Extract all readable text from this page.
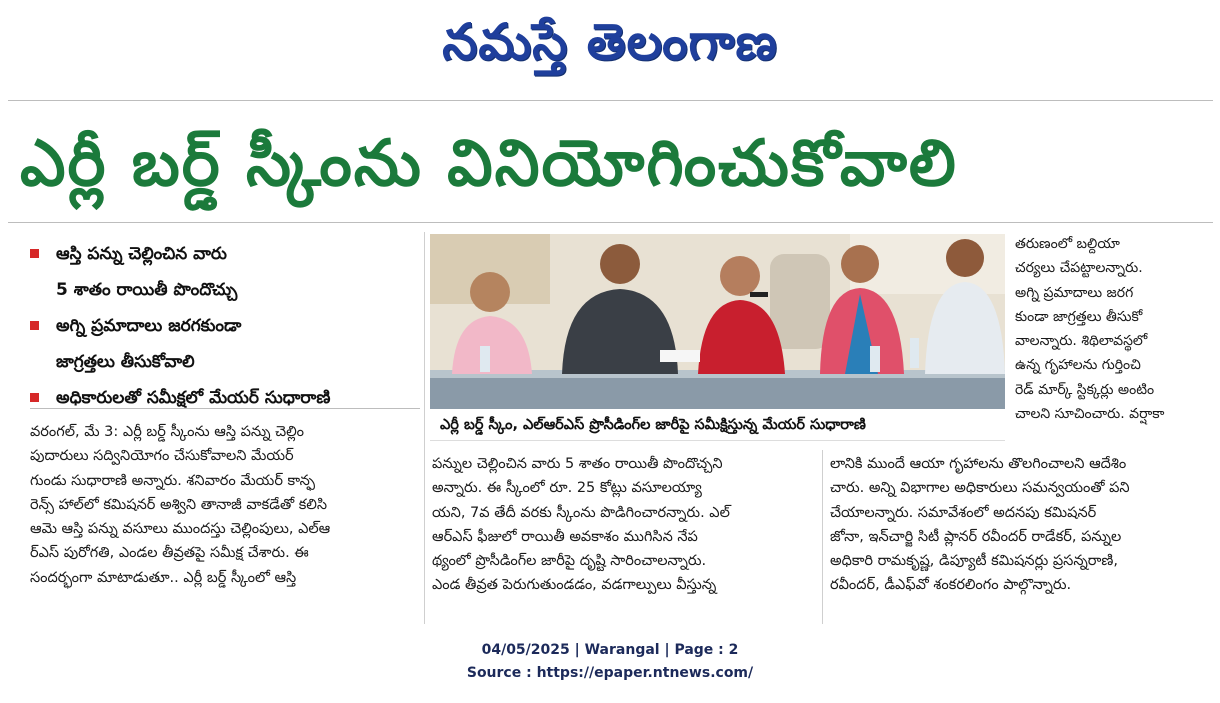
నమస్తే తెలంగాణ
ఎర్లీ బర్డ్ స్కీంను వినియోగించుకోవాలి
ఆస్తి పన్ను చెల్లించిన వారు
5 శాతం రాయితీ పొందొచ్చు
అగ్ని ప్రమాదాలు జరగకుండా
జాగ్రత్తలు తీసుకోవాలి
అధికారులతో సమీక్షలో మేయర్ సుధారాణి
వరంగల్, మే 3: ఎర్లీ బర్డ్ స్కీంను ఆస్తి పన్ను చెల్లిం
పుదారులు సద్వినియోగం చేసుకోవాలని మేయర్
గుండు సుధారాణి అన్నారు. శనివారం మేయర్ కాన్ఫ
రెన్స్ హాల్‌లో కమిషనర్ అశ్విని తానాజీ వాకడేతో కలిసి
ఆమె ఆస్తి పన్ను వసూలు ముందస్తు చెల్లింపులు, ఎల్ఆ
ర్ఎస్ పురోగతి, ఎండల తీవ్రతపై సమీక్ష చేశారు. ఈ
సందర్భంగా మాటాడుతూ.. ఎర్లీ బర్డ్ స్కీంలో ఆస్తి
ఎర్లీ బర్డ్ స్కీం, ఎల్ఆర్ఎస్ ప్రొసీడింగ్‌ల జారీపై సమీక్షిస్తున్న మేయర్ సుధారాణి
పన్నుల చెల్లించిన వారు 5 శాతం రాయితీ పొందొచ్చని
అన్నారు. ఈ స్కీంలో రూ. 25 కోట్లు వసూలయ్యా
యని, 7వ తేదీ వరకు స్కీంను పొడిగించారన్నారు. ఎల్
ఆర్ఎస్ ఫీజులో రాయితీ అవకాశం ముగిసిన నేప
థ్యంలో ప్రొసీడింగ్‌ల జారీపై దృష్టి సారించాలన్నారు.
ఎండ తీవ్రత పెరుగుతుండడం, వడగాల్పులు వీస్తున్న
తరుణంలో బల్దియా
చర్యలు చేపట్టాలన్నారు.
అగ్ని ప్రమాదాలు జరగ
కుండా జాగ్రత్తలు తీసుకో
వాలన్నారు. శిథిలావస్థలో
ఉన్న గృహాలను గుర్తించి
రెడ్ మార్క్ స్టిక్కర్లు అంటిం
చాలని సూచించారు. వర్షాకా
లానికి ముందే ఆయా గృహాలను తొలగించాలని ఆదేశిం
చారు. అన్ని విభాగాల అధికారులు సమన్వయంతో పని
చేయాలన్నారు. సమావేశంలో అదనపు కమిషనర్
జోనా, ఇన్‌చార్జి సిటీ ప్లానర్ రవీందర్ రాడేకర్, పన్నుల
అధికారి రామకృష్ణ, డిప్యూటీ కమిషనర్లు ప్రసన్నరాణి,
రవీందర్, డీఎఫ్‌వో శంకరలింగం పాల్గొన్నారు.
04/05/2025 | Warangal | Page : 2
Source : https://epaper.ntnews.com/
